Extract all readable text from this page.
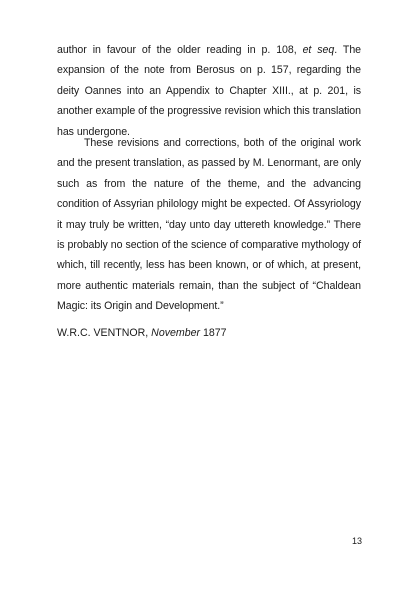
author in favour of the older reading in p. 108, et seq. The expansion of the note from Berosus on p. 157, regarding the deity Oannes into an Appendix to Chapter XIII., at p. 201, is another example of the progressive revision which this translation has undergone.

These revisions and corrections, both of the original work and the present translation, as passed by M. Lenormant, are only such as from the nature of the theme, and the advancing condition of Assyrian philology might be expected. Of Assyriology it may truly be written, “day unto day uttereth knowledge.” There is probably no section of the science of comparative mythology of which, till recently, less has been known, or of which, at present, more authentic materials remain, than the subject of “Chaldean Magic: its Origin and Development.”

W.R.C. VENTNOR, November 1877
13
